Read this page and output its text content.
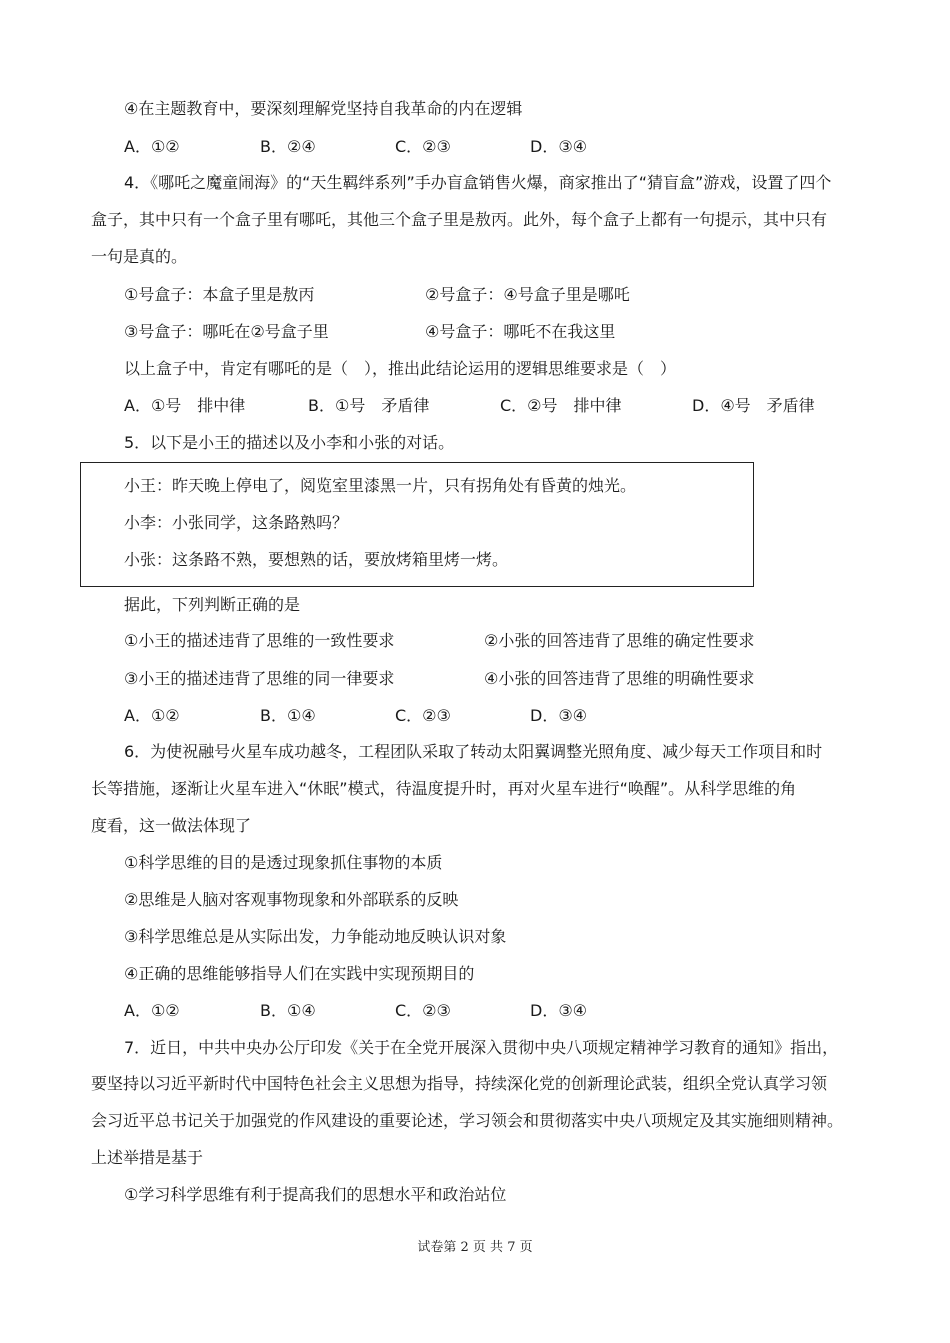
④在主题教育中，要深刻理解党坚持自我革命的内在逻辑
A．①②	B．②④	C．②③	D．③④
4．《哪吒之魔童闹海》的“天生羁绊系列”手办盲盒销售火爆，商家推出了“猜盲盒”游戏，设置了四个
盒子，其中只有一个盒子里有哪吒，其他三个盒子里是敖丙。此外，每个盒子上都有一句提示，其中只有
一句是真的。
①号盒子：本盒子里是敖丙	②号盒子：④号盒子里是哪吒
③号盒子：哪吒在②号盒子里	④号盒子：哪吒不在我这里
以上盒子中，肯定有哪吒的是（　），推出此结论运用的逻辑思维要求是（　）
A．①号　排中律	B．①号　矛盾律	C．②号　排中律	D．④号　矛盾律
5．以下是小王的描述以及小李和小张的对话。
小王：昨天晚上停电了，阅览室里漆黑一片，只有拐角处有昏黄的烛光。
小李：小张同学，这条路熟吗？
小张：这条路不熟，要想熟的话，要放烤箱里烤一烤。
据此，下列判断正确的是
①小王的描述违背了思维的一致性要求	②小张的回答违背了思维的确定性要求
③小王的描述违背了思维的同一律要求	④小张的回答违背了思维的明确性要求
A．①②	B．①④	C．②③	D．③④
6．为使祝融号火星车成功越冬，工程团队采取了转动太阳翼调整光照角度、减少每天工作项目和时
长等措施，逐渐让火星车进入“休眠”模式，待温度提升时，再对火星车进行“唤醒”。从科学思维的角
度看，这一做法体现了
①科学思维的目的是透过现象抓住事物的本质
②思维是人脑对客观事物现象和外部联系的反映
③科学思维总是从实际出发，力争能动地反映认识对象
④正确的思维能够指导人们在实践中实现预期目的
A．①②	B．①④	C．②③	D．③④
7．近日，中共中央办公厅印发《关于在全党开展深入贯彻中央八项规定精神学习教育的通知》指出，
要坚持以习近平新时代中国特色社会主义思想为指导，持续深化党的创新理论武装，组织全党认真学习领
会习近平总书记关于加强党的作风建设的重要论述，学习领会和贯彻落实中央八项规定及其实施细则精神。
上述举措是基于
①学习科学思维有利于提高我们的思想水平和政治站位
试卷第 2 页 共 7 页
